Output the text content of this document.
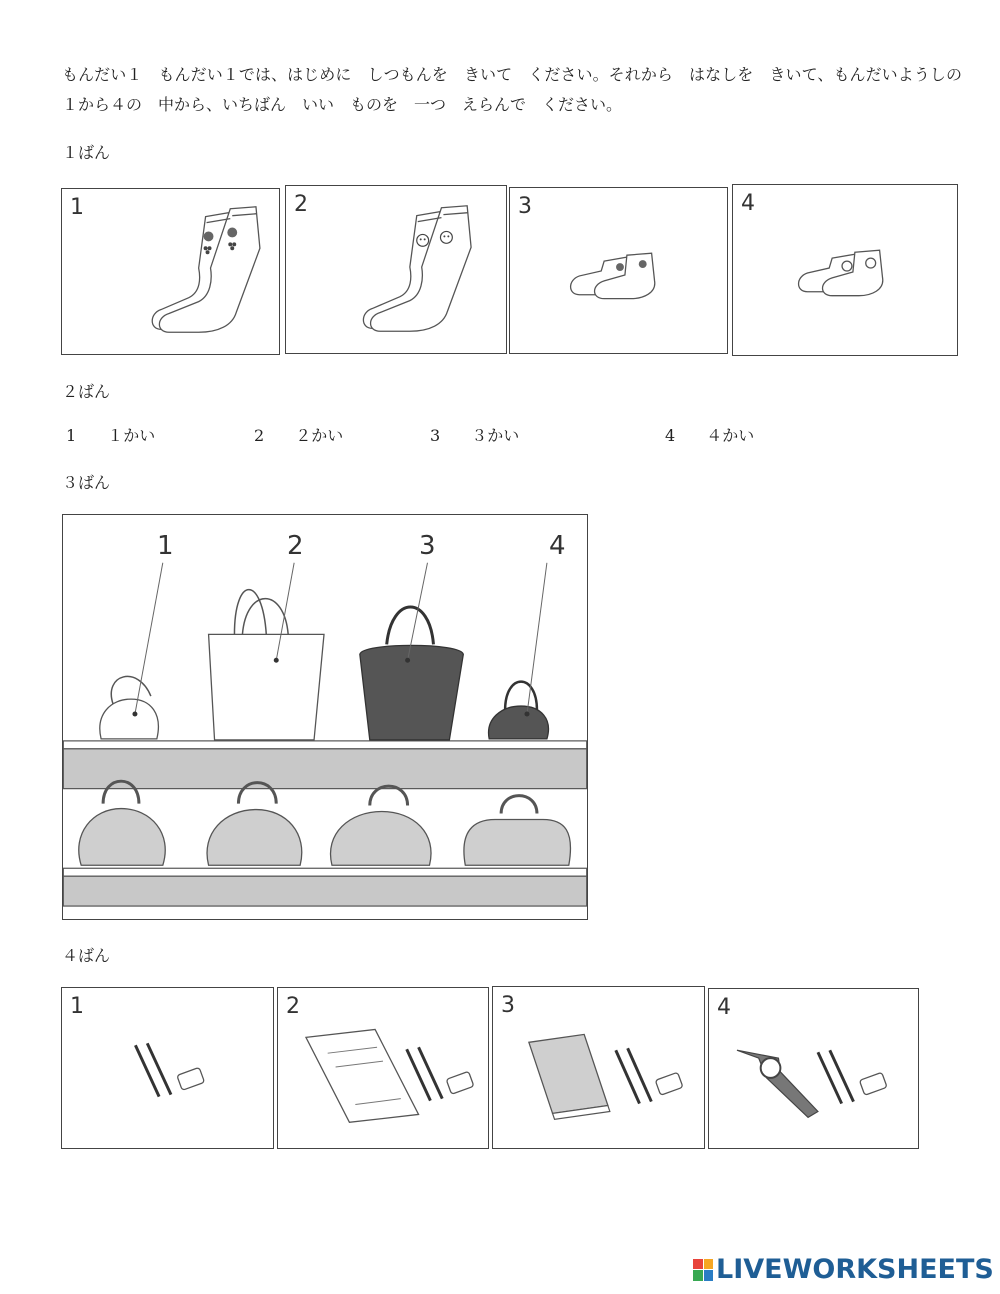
もんだい１　もんだい１では、はじめに　しつもんを　きいて　ください。それから　はなしを　きいて、もんだいようしの　１から４の　中から、いちばん　いい　ものを　一つ　えらんで　ください。
１ばん
1	2	3	4
２ばん
1 １かい	2 ２かい	3 ３かい	4 ４かい
３ばん
1	2	3	4
４ばん
1	2	3	4
LIVEWORKSHEETS
